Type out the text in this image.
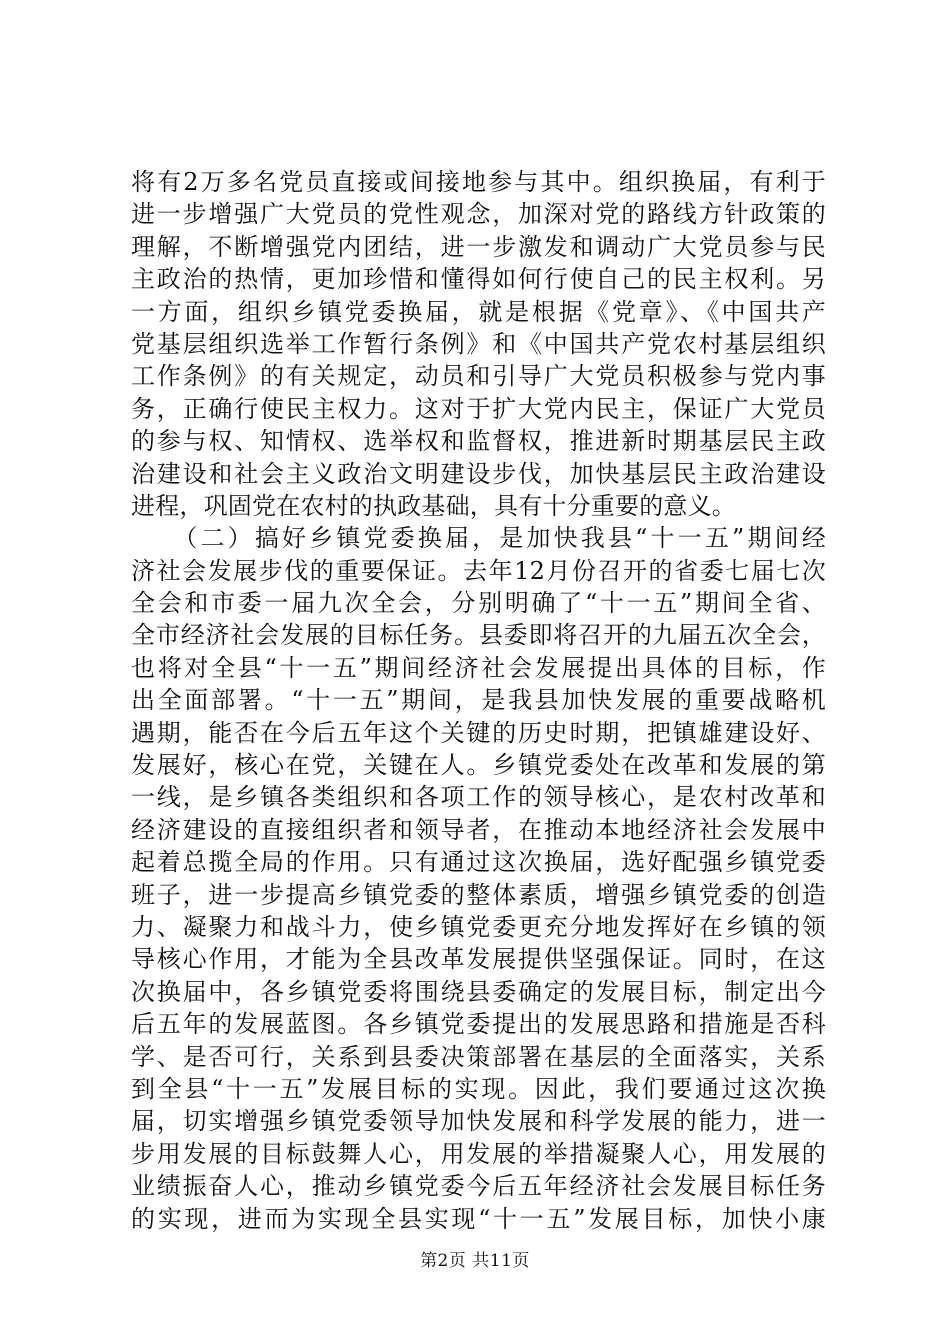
将有2万多名党员直接或间接地参与其中。组织换届，有利于
进一步增强广大党员的党性观念，加深对党的路线方针政策的
理解，不断增强党内团结，进一步激发和调动广大党员参与民
主政治的热情，更加珍惜和懂得如何行使自己的民主权利。另
一方面，组织乡镇党委换届，就是根据《党章》、《中国共产
党基层组织选举工作暂行条例》和《中国共产党农村基层组织
工作条例》的有关规定，动员和引导广大党员积极参与党内事
务，正确行使民主权力。这对于扩大党内民主，保证广大党员
的参与权、知情权、选举权和监督权，推进新时期基层民主政
治建设和社会主义政治文明建设步伐，加快基层民主政治建设
进程，巩固党在农村的执政基础，具有十分重要的意义。
　　（二）搞好乡镇党委换届，是加快我县“十一五”期间经
济社会发展步伐的重要保证。去年12月份召开的省委七届七次
全会和市委一届九次全会，分别明确了“十一五”期间全省、
全市经济社会发展的目标任务。县委即将召开的九届五次全会，
也将对全县“十一五”期间经济社会发展提出具体的目标，作
出全面部署。“十一五”期间，是我县加快发展的重要战略机
遇期，能否在今后五年这个关键的历史时期，把镇雄建设好、
发展好，核心在党，关键在人。乡镇党委处在改革和发展的第
一线，是乡镇各类组织和各项工作的领导核心，是农村改革和
经济建设的直接组织者和领导者，在推动本地经济社会发展中
起着总揽全局的作用。只有通过这次换届，选好配强乡镇党委
班子，进一步提高乡镇党委的整体素质，增强乡镇党委的创造
力、凝聚力和战斗力，使乡镇党委更充分地发挥好在乡镇的领
导核心作用，才能为全县改革发展提供坚强保证。同时，在这
次换届中，各乡镇党委将围绕县委确定的发展目标，制定出今
后五年的发展蓝图。各乡镇党委提出的发展思路和措施是否科
学、是否可行，关系到县委决策部署在基层的全面落实，关系
到全县“十一五”发展目标的实现。因此，我们要通过这次换
届，切实增强乡镇党委领导加快发展和科学发展的能力，进一
步用发展的目标鼓舞人心，用发展的举措凝聚人心，用发展的
业绩振奋人心，推动乡镇党委今后五年经济社会发展目标任务
的实现，进而为实现全县实现“十一五”发展目标，加快小康
第2页 共11页
